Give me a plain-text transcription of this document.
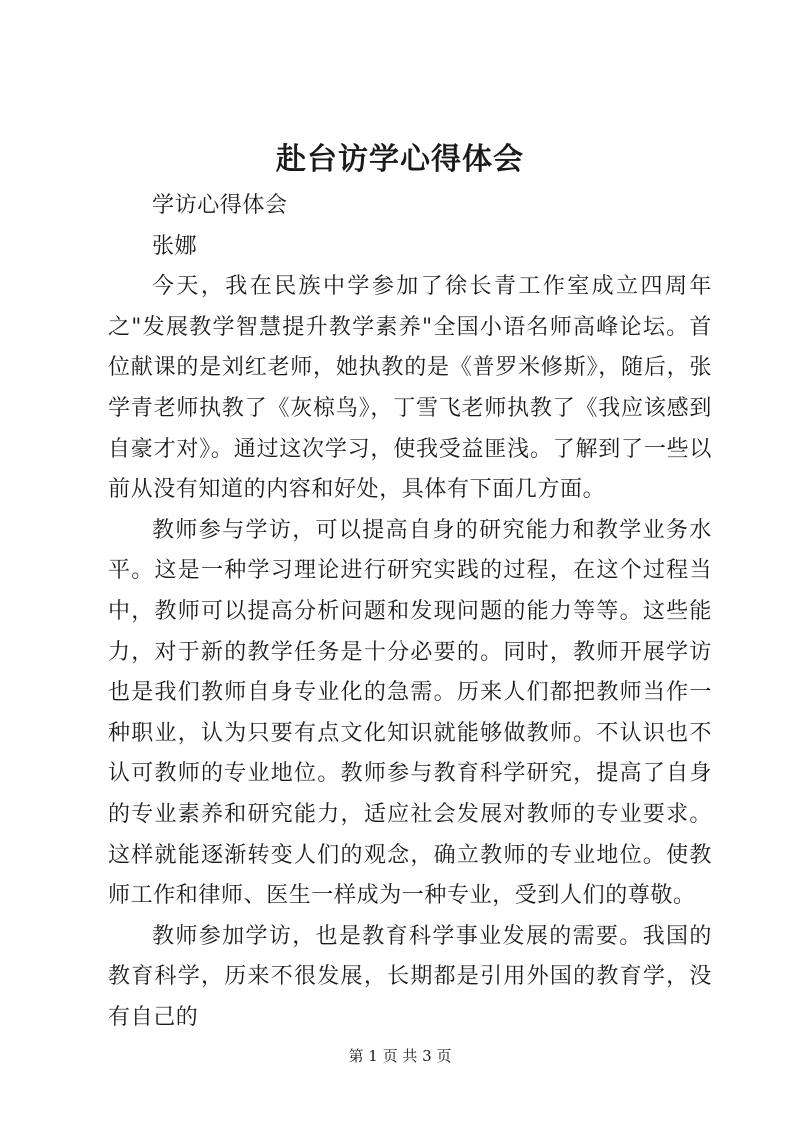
赴台访学心得体会

学访心得体会

张娜

今天，我在民族中学参加了徐长青工作室成立四周年之"发展教学智慧提升教学素养"全国小语名师高峰论坛。首位献课的是刘红老师，她执教的是《普罗米修斯》，随后，张学青老师执教了《灰椋鸟》，丁雪飞老师执教了《我应该感到自豪才对》。通过这次学习，使我受益匪浅。了解到了一些以前从没有知道的内容和好处，具体有下面几方面。

教师参与学访，可以提高自身的研究能力和教学业务水平。这是一种学习理论进行研究实践的过程，在这个过程当中，教师可以提高分析问题和发现问题的能力等等。这些能力，对于新的教学任务是十分必要的。同时，教师开展学访也是我们教师自身专业化的急需。历来人们都把教师当作一种职业，认为只要有点文化知识就能够做教师。不认识也不认可教师的专业地位。教师参与教育科学研究，提高了自身的专业素养和研究能力，适应社会发展对教师的专业要求。这样就能逐渐转变人们的观念，确立教师的专业地位。使教师工作和律师、医生一样成为一种专业，受到人们的尊敬。

教师参加学访，也是教育科学事业发展的需要。我国的教育科学，历来不很发展，长期都是引用外国的教育学，没有自己的

第 1 页 共 3 页
